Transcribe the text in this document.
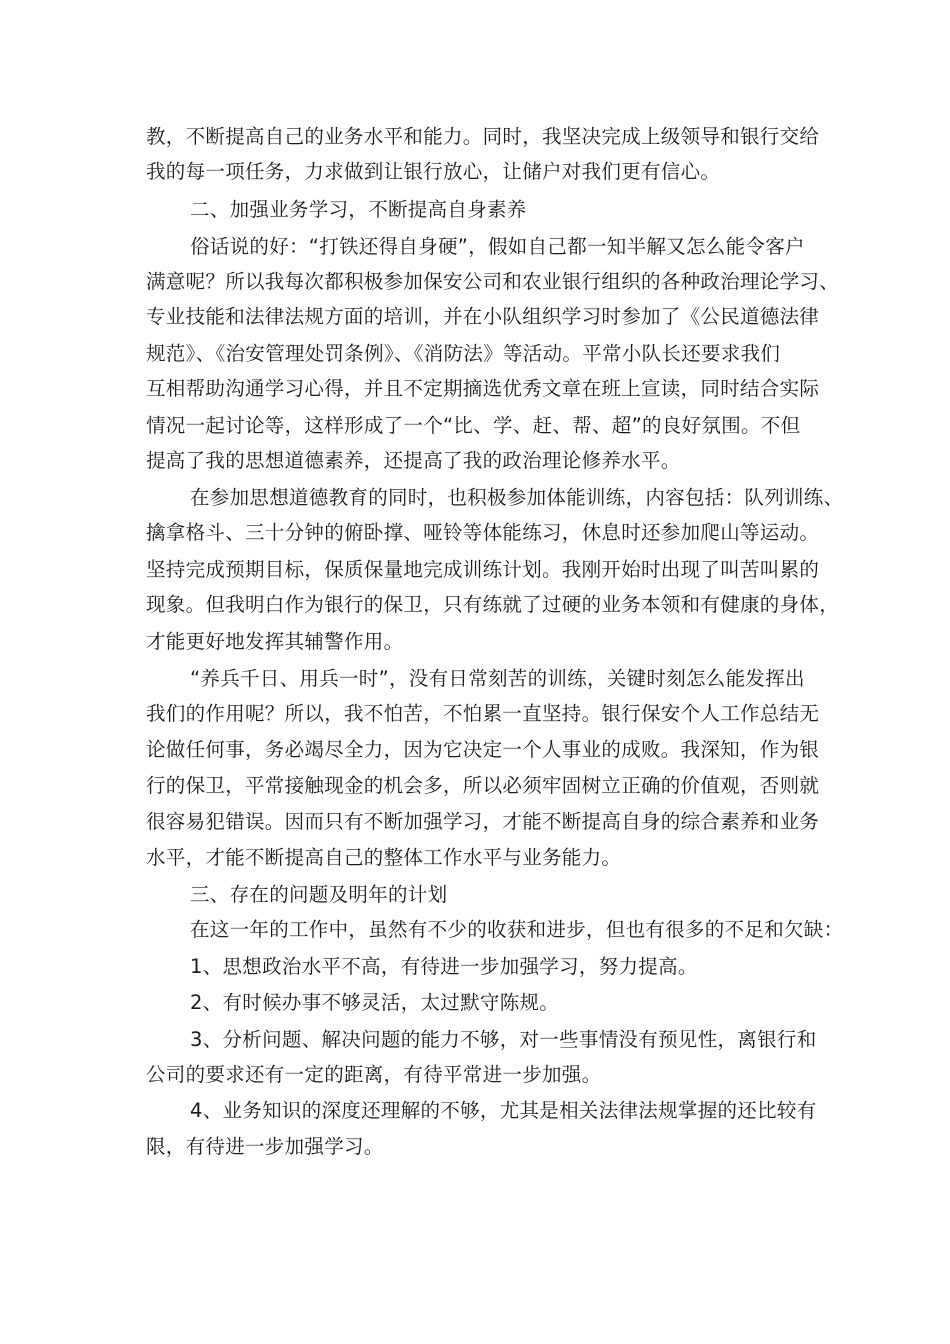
教，不断提高自己的业务水平和能力。同时，我坚决完成上级领导和银行交给
我的每一项任务，力求做到让银行放心，让储户对我们更有信心。
二、加强业务学习，不断提高自身素养
俗话说的好：“打铁还得自身硬”，假如自己都一知半解又怎么能令客户
满意呢？所以我每次都积极参加保安公司和农业银行组织的各种政治理论学习、
专业技能和法律法规方面的培训，并在小队组织学习时参加了《公民道德法律
规范》、《治安管理处罚条例》、《消防法》等活动。平常小队长还要求我们
互相帮助沟通学习心得，并且不定期摘选优秀文章在班上宣读，同时结合实际
情况一起讨论等，这样形成了一个“比、学、赶、帮、超”的良好氛围。不但
提高了我的思想道德素养，还提高了我的政治理论修养水平。
在参加思想道德教育的同时，也积极参加体能训练，内容包括：队列训练、
擒拿格斗、三十分钟的俯卧撑、哑铃等体能练习，休息时还参加爬山等运动。
坚持完成预期目标，保质保量地完成训练计划。我刚开始时出现了叫苦叫累的
现象。但我明白作为银行的保卫，只有练就了过硬的业务本领和有健康的身体，
才能更好地发挥其辅警作用。
“养兵千日、用兵一时”，没有日常刻苦的训练，关键时刻怎么能发挥出
我们的作用呢？所以，我不怕苦，不怕累一直坚持。银行保安个人工作总结无
论做任何事，务必竭尽全力，因为它决定一个人事业的成败。我深知，作为银
行的保卫，平常接触现金的机会多，所以必须牢固树立正确的价值观，否则就
很容易犯错误。因而只有不断加强学习，才能不断提高自身的综合素养和业务
水平，才能不断提高自己的整体工作水平与业务能力。
三、存在的问题及明年的计划
在这一年的工作中，虽然有不少的收获和进步，但也有很多的不足和欠缺：
1、思想政治水平不高，有待进一步加强学习，努力提高。
2、有时候办事不够灵活，太过默守陈规。
3、分析问题、解决问题的能力不够，对一些事情没有预见性，离银行和
公司的要求还有一定的距离，有待平常进一步加强。
4、业务知识的深度还理解的不够，尤其是相关法律法规掌握的还比较有
限，有待进一步加强学习。
